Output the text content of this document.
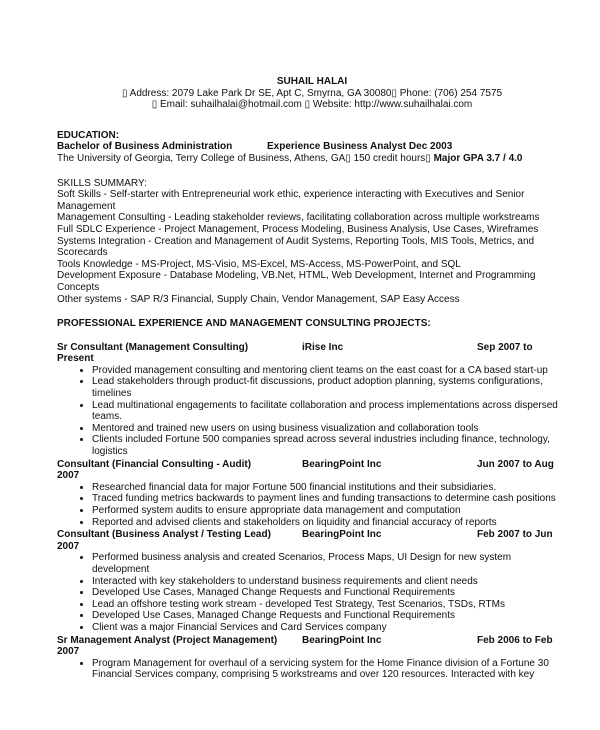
SUHAIL HALAI
▯ Address: 2079 Lake Park Dr SE, Apt C, Smyrna, GA 30080▯ Phone: (706) 254 7575
▯ Email: suhailhalai@hotmail.com ▯ Website: http://www.suhailhalai.com
EDUCATION:
Bachelor of Business Administration	Experience Business Analyst Dec 2003
The University of Georgia, Terry College of Business, Athens, GA▯ 150 credit hours▯ Major GPA 3.7 / 4.0
SKILLS SUMMARY:
Soft Skills - Self-starter with Entrepreneurial work ethic, experience interacting with Executives and Senior Management
Management Consulting - Leading stakeholder reviews, facilitating collaboration across multiple workstreams
Full SDLC Experience - Project Management, Process Modeling, Business Analysis, Use Cases, Wireframes
Systems Integration - Creation and Management of Audit Systems, Reporting Tools, MIS Tools, Metrics, and Scorecards
Tools Knowledge - MS-Project, MS-Visio, MS-Excel, MS-Access, MS-PowerPoint, and SQL
Development Exposure - Database Modeling, VB.Net, HTML, Web Development, Internet and Programming Concepts
Other systems - SAP R/3 Financial, Supply Chain, Vendor Management, SAP Easy Access
PROFESSIONAL EXPERIENCE AND MANAGEMENT CONSULTING PROJECTS:
Sr Consultant (Management Consulting)	iRise Inc	Sep 2007 to
Present
• Provided management consulting and mentoring client teams on the east coast for a CA based start-up
• Lead stakeholders through product-fit discussions, product adoption planning, systems configurations, timelines
• Lead multinational engagements to facilitate collaboration and process implementations across dispersed teams.
• Mentored and trained new users on using business visualization and collaboration tools
• Clients included Fortune 500 companies spread across several industries including finance, technology, logistics
Consultant (Financial Consulting - Audit)	BearingPoint Inc	Jun 2007 to Aug
2007
• Researched financial data for major Fortune 500 financial institutions and their subsidiaries.
• Traced funding metrics backwards to payment lines and funding transactions to determine cash positions
• Performed system audits to ensure appropriate data management and computation
• Reported and advised clients and stakeholders on liquidity and financial accuracy of reports
Consultant (Business Analyst / Testing Lead)	BearingPoint Inc	Feb 2007 to Jun
2007
• Performed business analysis and created Scenarios, Process Maps, UI Design for new system development
• Interacted with key stakeholders to understand business requirements and client needs
• Developed Use Cases, Managed Change Requests and Functional Requirements
• Lead an offshore testing work stream - developed Test Strategy, Test Scenarios, TSDs, RTMs
• Developed Use Cases, Managed Change Requests and Functional Requirements
• Client was a major Financial Services and Card Services company
Sr Management Analyst (Project Management) BearingPoint Inc	Feb 2006 to Feb
2007
• Program Management for overhaul of a servicing system for the Home Finance division of a Fortune 30 Financial Services company, comprising 5 workstreams and over 120 resources. Interacted with key
